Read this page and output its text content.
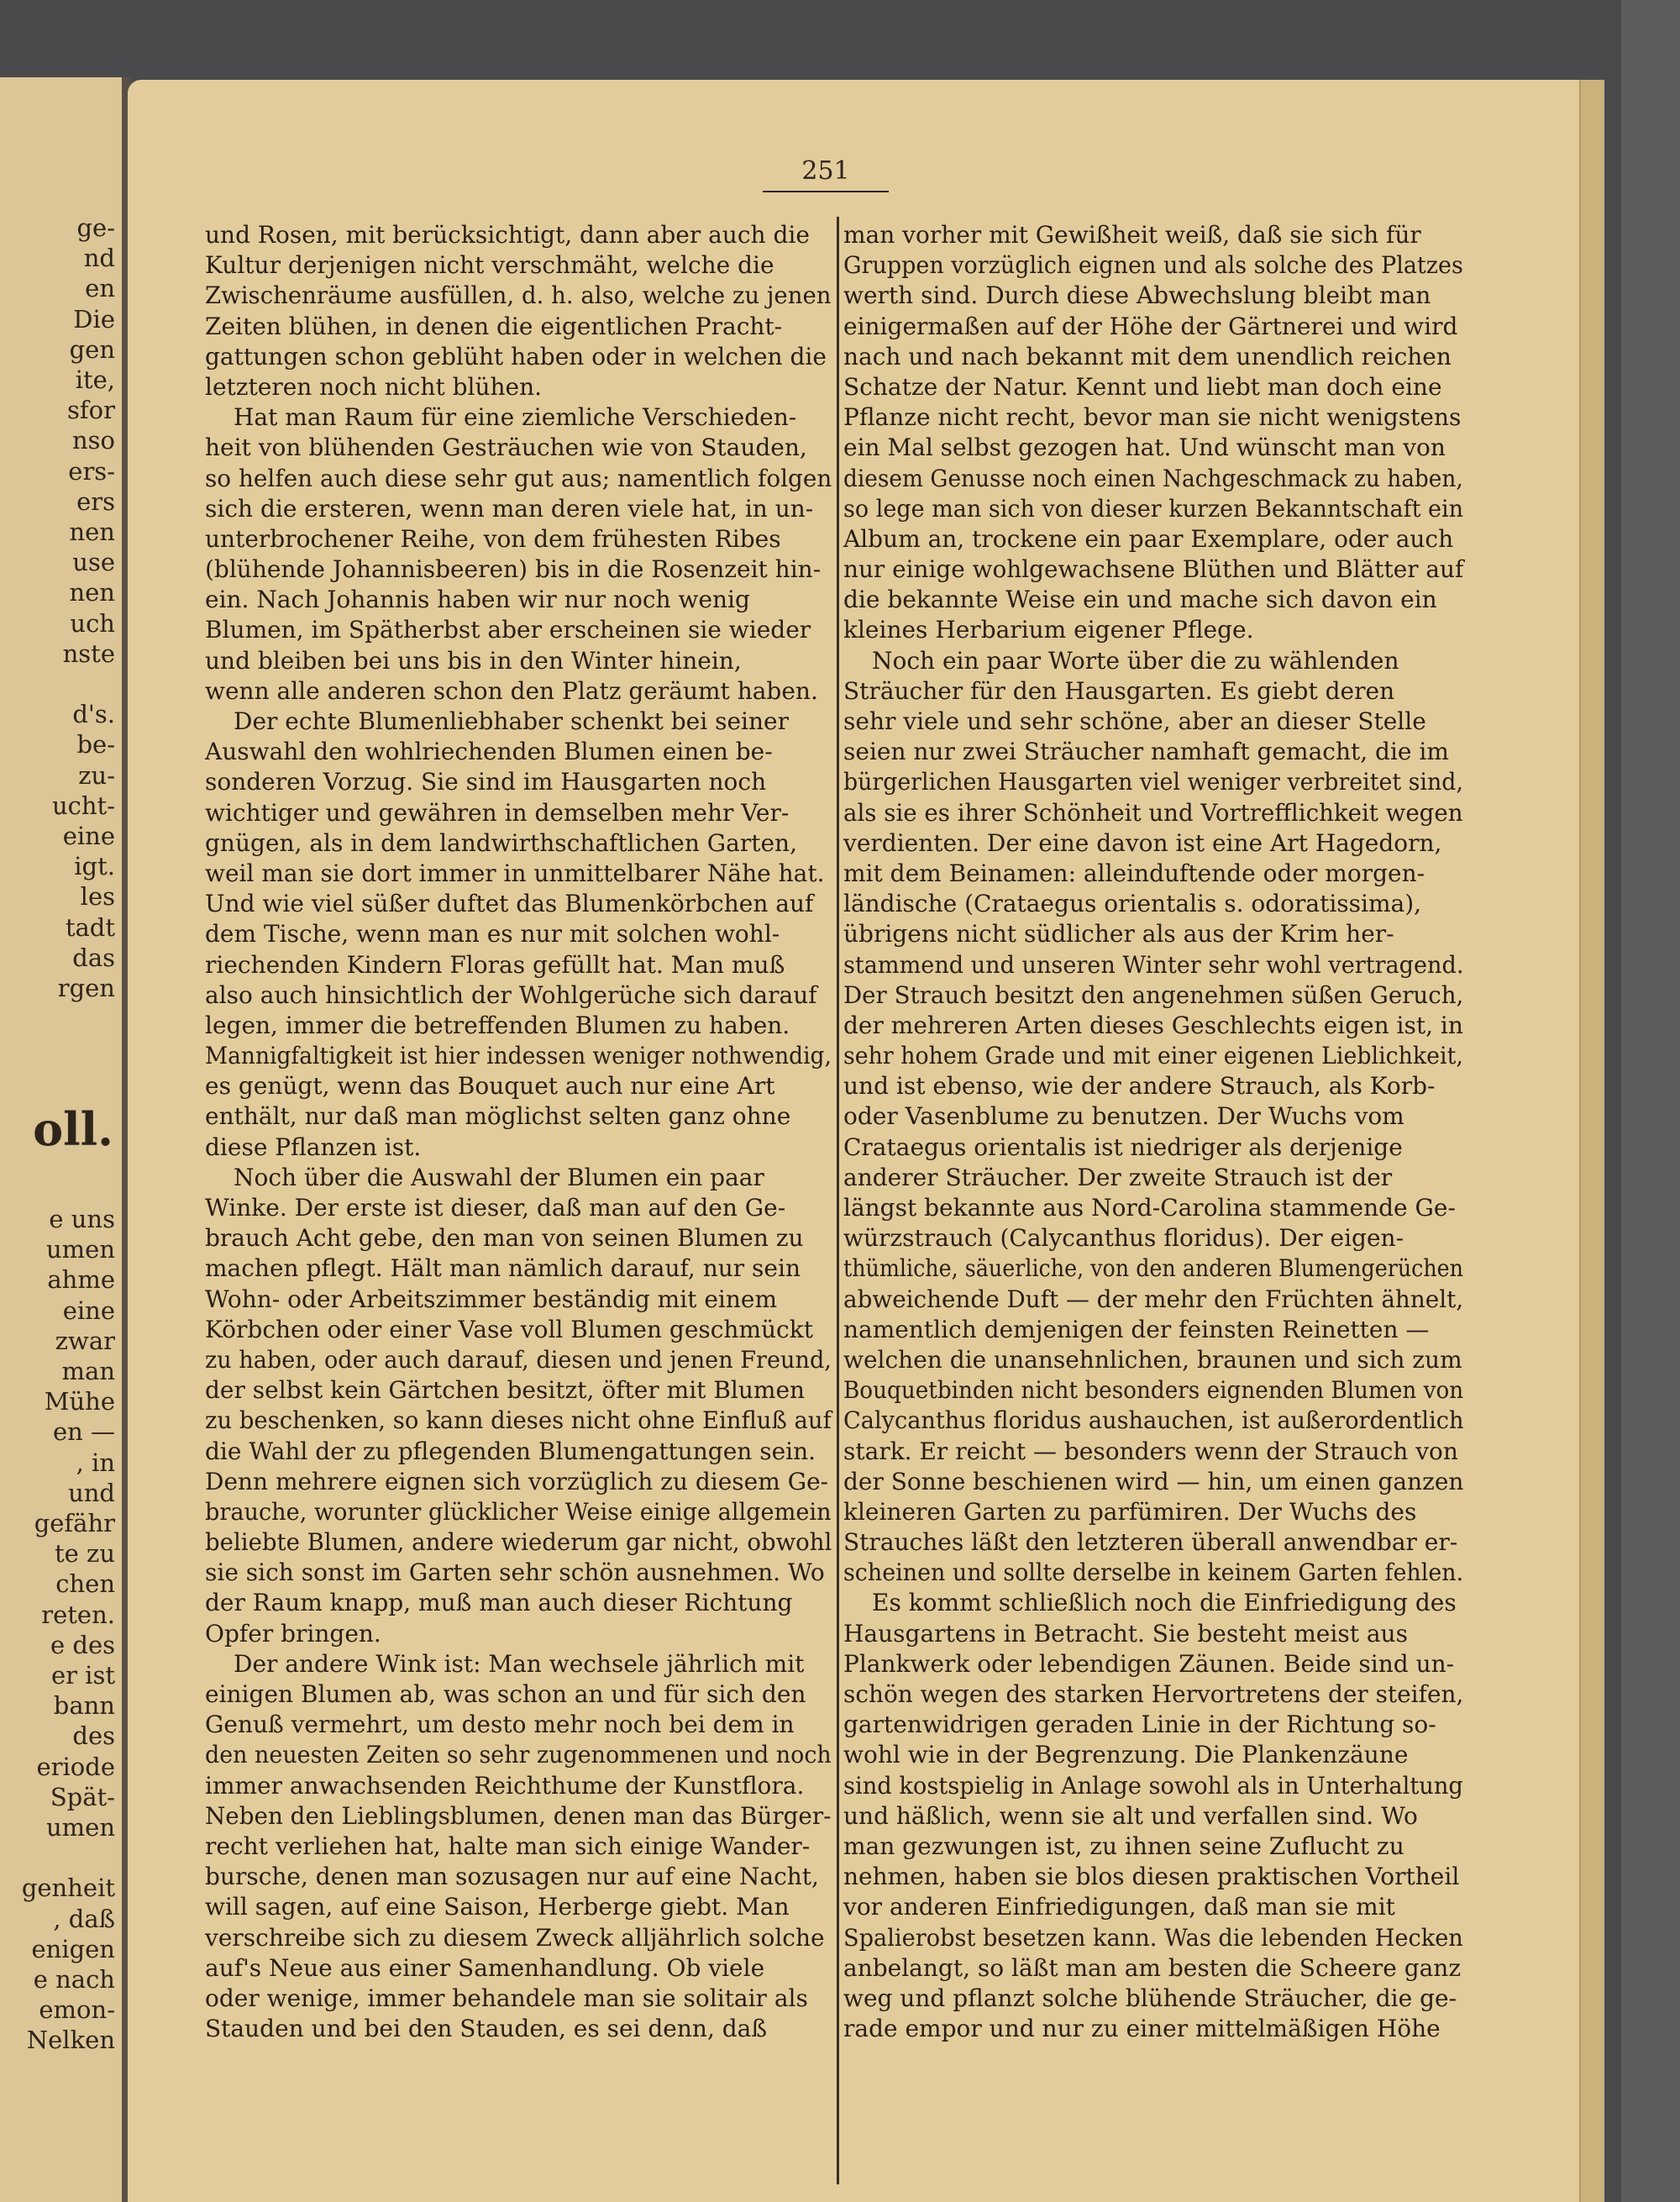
ge-
nd
en
Die
gen
ite,
sfor
nso
ers-
ers
nen
use
nen
uch
nste
d's.
be-
zu-
ucht-
eine
igt.
les
tadt
das
rgen
oll.
e uns
umen
ahme
eine
zwar
man
Mühe
en —
, in
und
gefähr
te zu
chen
reten.
e des
er ist
bann
des
eriode
Spät-
umen
genheit
, daß
enigen
e nach
emon-
Nelken
251
und Rosen, mit berücksichtigt, dann aber auch die
Kultur derjenigen nicht verschmäht, welche die
Zwischenräume ausfüllen, d. h. also, welche zu jenen
Zeiten blühen, in denen die eigentlichen Pracht-
gattungen schon geblüht haben oder in welchen die
letzteren noch nicht blühen.
Hat man Raum für eine ziemliche Verschieden-
heit von blühenden Gesträuchen wie von Stauden,
so helfen auch diese sehr gut aus; namentlich folgen
sich die ersteren, wenn man deren viele hat, in un-
unterbrochener Reihe, von dem frühesten Ribes
(blühende Johannisbeeren) bis in die Rosenzeit hin-
ein. Nach Johannis haben wir nur noch wenig
Blumen, im Spätherbst aber erscheinen sie wieder
und bleiben bei uns bis in den Winter hinein,
wenn alle anderen schon den Platz geräumt haben.
Der echte Blumenliebhaber schenkt bei seiner
Auswahl den wohlriechenden Blumen einen be-
sonderen Vorzug. Sie sind im Hausgarten noch
wichtiger und gewähren in demselben mehr Ver-
gnügen, als in dem landwirthschaftlichen Garten,
weil man sie dort immer in unmittelbarer Nähe hat.
Und wie viel süßer duftet das Blumenkörbchen auf
dem Tische, wenn man es nur mit solchen wohl-
riechenden Kindern Floras gefüllt hat. Man muß
also auch hinsichtlich der Wohlgerüche sich darauf
legen, immer die betreffenden Blumen zu haben.
Mannigfaltigkeit ist hier indessen weniger nothwendig,
es genügt, wenn das Bouquet auch nur eine Art
enthält, nur daß man möglichst selten ganz ohne
diese Pflanzen ist.
Noch über die Auswahl der Blumen ein paar
Winke. Der erste ist dieser, daß man auf den Ge-
brauch Acht gebe, den man von seinen Blumen zu
machen pflegt. Hält man nämlich darauf, nur sein
Wohn- oder Arbeitszimmer beständig mit einem
Körbchen oder einer Vase voll Blumen geschmückt
zu haben, oder auch darauf, diesen und jenen Freund,
der selbst kein Gärtchen besitzt, öfter mit Blumen
zu beschenken, so kann dieses nicht ohne Einfluß auf
die Wahl der zu pflegenden Blumengattungen sein.
Denn mehrere eignen sich vorzüglich zu diesem Ge-
brauche, worunter glücklicher Weise einige allgemein
beliebte Blumen, andere wiederum gar nicht, obwohl
sie sich sonst im Garten sehr schön ausnehmen. Wo
der Raum knapp, muß man auch dieser Richtung
Opfer bringen.
Der andere Wink ist: Man wechsele jährlich mit
einigen Blumen ab, was schon an und für sich den
Genuß vermehrt, um desto mehr noch bei dem in
den neuesten Zeiten so sehr zugenommenen und noch
immer anwachsenden Reichthume der Kunstflora.
Neben den Lieblingsblumen, denen man das Bürger-
recht verliehen hat, halte man sich einige Wander-
bursche, denen man sozusagen nur auf eine Nacht,
will sagen, auf eine Saison, Herberge giebt. Man
verschreibe sich zu diesem Zweck alljährlich solche
auf's Neue aus einer Samenhandlung. Ob viele
oder wenige, immer behandele man sie solitair als
Stauden und bei den Stauden, es sei denn, daß
man vorher mit Gewißheit weiß, daß sie sich für
Gruppen vorzüglich eignen und als solche des Platzes
werth sind. Durch diese Abwechslung bleibt man
einigermaßen auf der Höhe der Gärtnerei und wird
nach und nach bekannt mit dem unendlich reichen
Schatze der Natur. Kennt und liebt man doch eine
Pflanze nicht recht, bevor man sie nicht wenigstens
ein Mal selbst gezogen hat. Und wünscht man von
diesem Genusse noch einen Nachgeschmack zu haben,
so lege man sich von dieser kurzen Bekanntschaft ein
Album an, trockene ein paar Exemplare, oder auch
nur einige wohlgewachsene Blüthen und Blätter auf
die bekannte Weise ein und mache sich davon ein
kleines Herbarium eigener Pflege.
Noch ein paar Worte über die zu wählenden
Sträucher für den Hausgarten. Es giebt deren
sehr viele und sehr schöne, aber an dieser Stelle
seien nur zwei Sträucher namhaft gemacht, die im
bürgerlichen Hausgarten viel weniger verbreitet sind,
als sie es ihrer Schönheit und Vortrefflichkeit wegen
verdienten. Der eine davon ist eine Art Hagedorn,
mit dem Beinamen: alleinduftende oder morgen-
ländische (Crataegus orientalis s. odoratissima),
übrigens nicht südlicher als aus der Krim her-
stammend und unseren Winter sehr wohl vertragend.
Der Strauch besitzt den angenehmen süßen Geruch,
der mehreren Arten dieses Geschlechts eigen ist, in
sehr hohem Grade und mit einer eigenen Lieblichkeit,
und ist ebenso, wie der andere Strauch, als Korb-
oder Vasenblume zu benutzen. Der Wuchs vom
Crataegus orientalis ist niedriger als derjenige
anderer Sträucher. Der zweite Strauch ist der
längst bekannte aus Nord-Carolina stammende Ge-
würzstrauch (Calycanthus floridus). Der eigen-
thümliche, säuerliche, von den anderen Blumengerüchen
abweichende Duft — der mehr den Früchten ähnelt,
namentlich demjenigen der feinsten Reinetten —
welchen die unansehnlichen, braunen und sich zum
Bouquetbinden nicht besonders eignenden Blumen von
Calycanthus floridus aushauchen, ist außerordentlich
stark. Er reicht — besonders wenn der Strauch von
der Sonne beschienen wird — hin, um einen ganzen
kleineren Garten zu parfümiren. Der Wuchs des
Strauches läßt den letzteren überall anwendbar er-
scheinen und sollte derselbe in keinem Garten fehlen.
Es kommt schließlich noch die Einfriedigung des
Hausgartens in Betracht. Sie besteht meist aus
Plankwerk oder lebendigen Zäunen. Beide sind un-
schön wegen des starken Hervortretens der steifen,
gartenwidrigen geraden Linie in der Richtung so-
wohl wie in der Begrenzung. Die Plankenzäune
sind kostspielig in Anlage sowohl als in Unterhaltung
und häßlich, wenn sie alt und verfallen sind. Wo
man gezwungen ist, zu ihnen seine Zuflucht zu
nehmen, haben sie blos diesen praktischen Vortheil
vor anderen Einfriedigungen, daß man sie mit
Spalierobst besetzen kann. Was die lebenden Hecken
anbelangt, so läßt man am besten die Scheere ganz
weg und pflanzt solche blühende Sträucher, die ge-
rade empor und nur zu einer mittelmäßigen Höhe
